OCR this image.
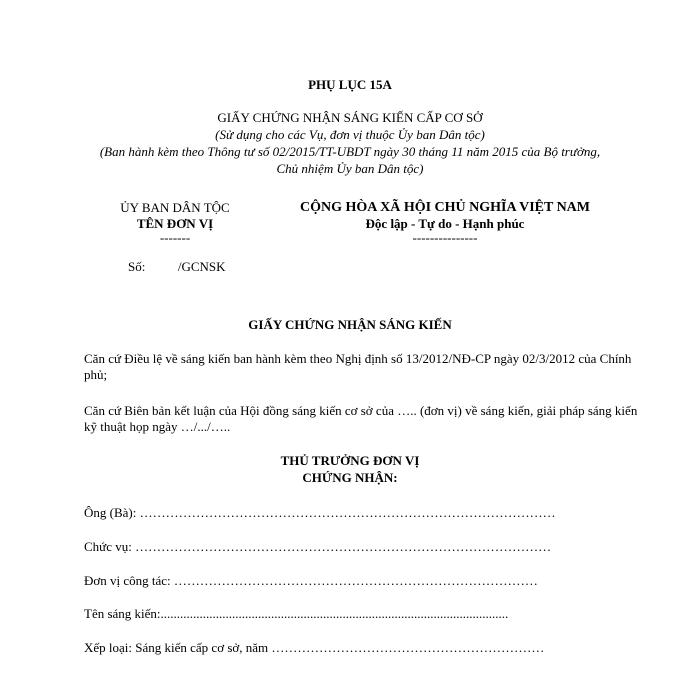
PHỤ LỤC 15A
GIẤY CHỨNG NHẬN SÁNG KIẾN CẤP CƠ SỞ
(Sử dụng cho các Vụ, đơn vị thuộc Ủy ban Dân tộc)
(Ban hành kèm theo Thông tư số 02/2015/TT-UBDT ngày 30 tháng 11 năm 2015 của Bộ trưởng,
Chủ nhiệm Ủy ban Dân tộc)
ỦY BAN DÂN TỘC
TÊN ĐƠN VỊ
-------
Số:	/GCNSK
CỘNG HÒA XÃ HỘI CHỦ NGHĨA VIỆT NAM
Độc lập - Tự do - Hạnh phúc
---------------
GIẤY CHỨNG NHẬN SÁNG KIẾN
Căn cứ Điều lệ về sáng kiến ban hành kèm theo Nghị định số 13/2012/NĐ-CP ngày 02/3/2012 của Chính phủ;
Căn cứ Biên bản kết luận của Hội đồng sáng kiến cơ sở của ….. (đơn vị) về sáng kiến, giải pháp sáng kiến kỹ thuật họp ngày …/.../…..
THỦ TRƯỞNG ĐƠN VỊ
CHỨNG NHẬN:
Ông (Bà): ……………………………………………………………………………………
Chức vụ: ……………………………………………………………………………………
Đơn vị công tác: …………………………………………………………………………
Tên sáng kiến:...........................................................................................................
Xếp loại: Sáng kiến cấp cơ sở, năm ………………………………………………………
